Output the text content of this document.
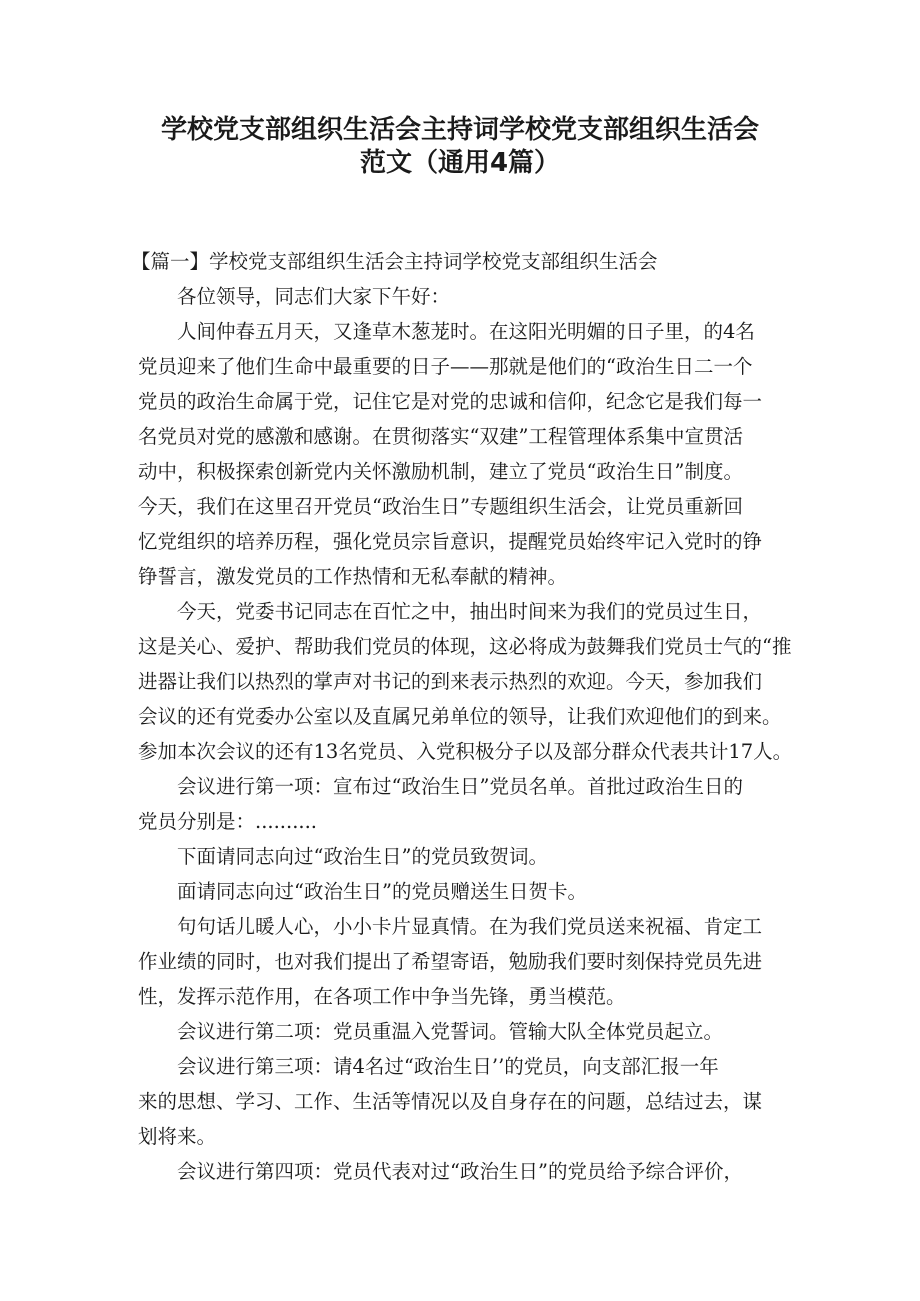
学校党支部组织生活会主持词学校党支部组织生活会
范文（通用4篇）

【篇一】学校党支部组织生活会主持词学校党支部组织生活会

各位领导，同志们大家下午好：

人间仲春五月天，又逢草木葱茏时。在这阳光明媚的日子里，的4名

党员迎来了他们生命中最重要的日子——那就是他们的“政治生日二一个

党员的政治生命属于党，记住它是对党的忠诚和信仰，纪念它是我们每一

名党员对党的感激和感谢。在贯彻落实“双建”工程管理体系集中宣贯活

动中，积极探索创新党内关怀激励机制，建立了党员“政治生日”制度。

今天，我们在这里召开党员“政治生日”专题组织生活会，让党员重新回

忆党组织的培养历程，强化党员宗旨意识，提醒党员始终牢记入党时的铮

铮誓言，激发党员的工作热情和无私奉献的精神。

今天，党委书记同志在百忙之中，抽出时间来为我们的党员过生日，

这是关心、爱护、帮助我们党员的体现，这必将成为鼓舞我们党员士气的“推

进器让我们以热烈的掌声对书记的到来表示热烈的欢迎。今天，参加我们

会议的还有党委办公室以及直属兄弟单位的领导，让我们欢迎他们的到来。

参加本次会议的还有13名党员、入党积极分子以及部分群众代表共计17人。

会议进行第一项：宣布过“政治生日”党员名单。首批过政治生日的

党员分别是：..........

下面请同志向过“政治生日”的党员致贺词。

面请同志向过“政治生日”的党员赠送生日贺卡。

句句话儿暖人心，小小卡片显真情。在为我们党员送来祝福、肯定工

作业绩的同时，也对我们提出了希望寄语，勉励我们要时刻保持党员先进

性，发挥示范作用，在各项工作中争当先锋，勇当模范。

会议进行第二项：党员重温入党誓词。管输大队全体党员起立。

会议进行第三项：请4名过“政治生日’’的党员，向支部汇报一年

来的思想、学习、工作、生活等情况以及自身存在的问题，总结过去，谋

划将来。

会议进行第四项：党员代表对过“政治生日”的党员给予综合评价，
